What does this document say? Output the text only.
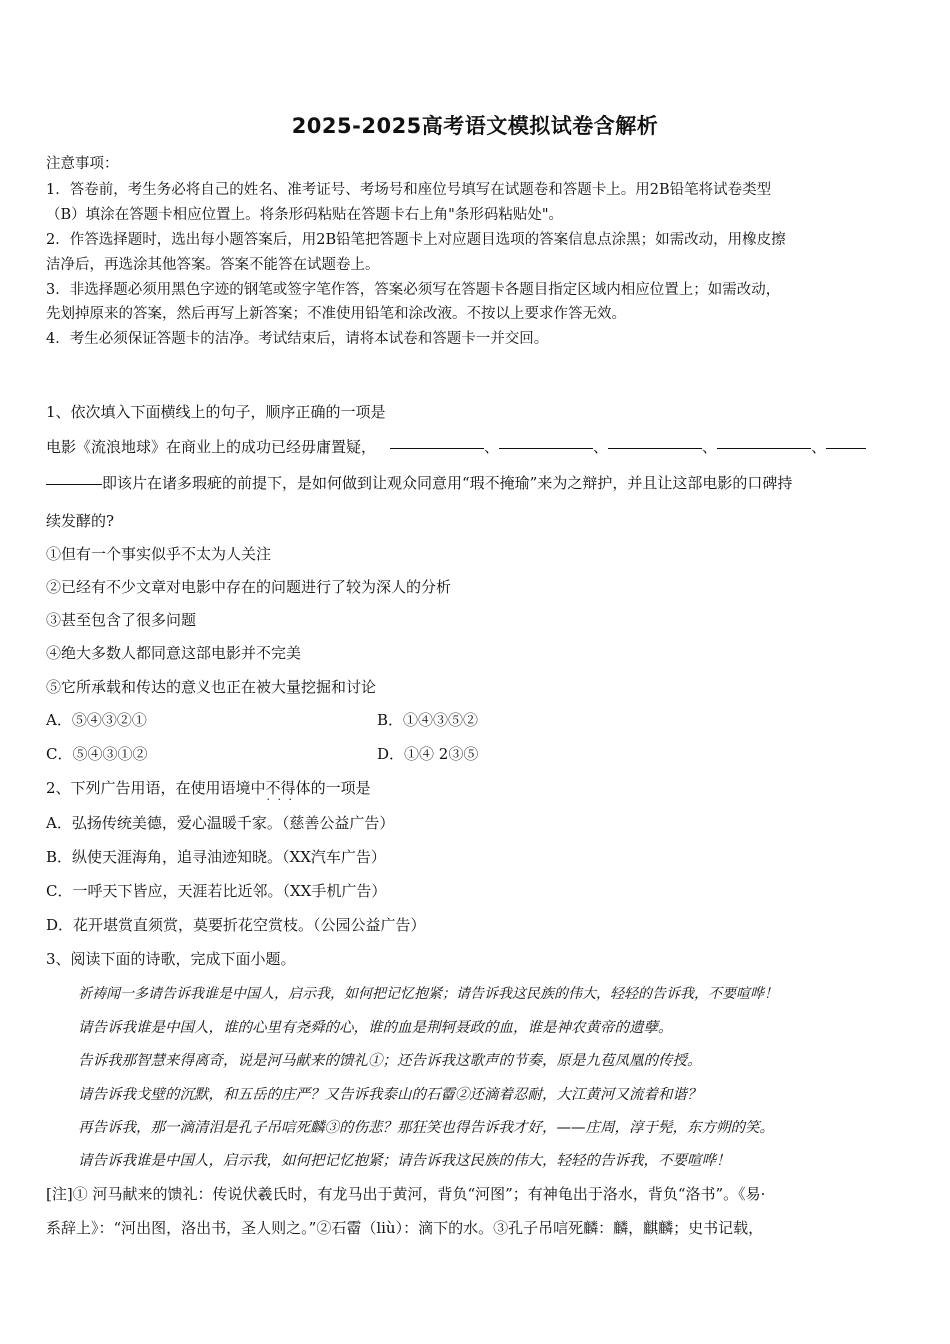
2025-2025高考语文模拟试卷含解析
注意事项：
1．答卷前，考生务必将自己的姓名、准考证号、考场号和座位号填写在试题卷和答题卡上。用2B铅笔将试卷类型
（B）填涂在答题卡相应位置上。将条形码粘贴在答题卡右上角"条形码粘贴处"。
2．作答选择题时，选出每小题答案后，用2B铅笔把答题卡上对应题目选项的答案信息点涂黑；如需改动，用橡皮擦
洁净后，再选涂其他答案。答案不能答在试题卷上。
3．非选择题必须用黑色字迹的钢笔或签字笔作答，答案必须写在答题卡各题目指定区域内相应位置上；如需改动，
先划掉原来的答案，然后再写上新答案；不准使用铅笔和涂改液。不按以上要求作答无效。
4．考生必须保证答题卡的洁净。考试结束后，请将本试卷和答题卡一并交回。
1、依次填入下面横线上的句子，顺序正确的一项是
电影《流浪地球》在商业上的成功已经毋庸置疑，	、	、	、	、
即该片在诸多瑕疵的前提下，是如何做到让观众同意用“瑕不掩瑜”来为之辩护，并且让这部电影的口碑持
续发酵的?
①但有一个事实似乎不太为人关注
②已经有不少文章对电影中存在的问题进行了较为深人的分析
③甚至包含了很多问题
④绝大多数人都同意这部电影并不完美
⑤它所承载和传达的意义也正在被大量挖掘和讨论
A．⑤④③②①	B．①④③⑤②
C．⑤④③①②	D．①④ 2③⑤
2、下列广告用语，在使用语境中不得体 · · ·的一项是
A．弘扬传统美德，爱心温暖千家。（慈善公益广告）
B．纵使天涯海角，追寻油迹知晓。（XX汽车广告）
C．一呼天下皆应，天涯若比近邻。（XX手机广告）
D．花开堪赏直须赏，莫要折花空赏枝。（公园公益广告）
3、阅读下面的诗歌，完成下面小题。
祈祷闻一多请告诉我谁是中国人，启示我，如何把记忆抱紧；请告诉我这民族的伟大，轻轻的告诉我，不要喧哗！
请告诉我谁是中国人，谁的心里有尧舜的心，谁的血是荆轲聂政的血，谁是神农黄帝的遗孽。
告诉我那智慧来得离奇，说是河马献来的馈礼①；还告诉我这歌声的节奏，原是九苞凤凰的传授。
请告诉我戈壁的沉默，和五岳的庄严？又告诉我泰山的石霤②还滴着忍耐，大江黄河又流着和谐？
再告诉我，那一滴清泪是孔子吊唁死麟③的伤悲？那狂笑也得告诉我才好，——庄周，淳于髡，东方朔的笑。
请告诉我谁是中国人，启示我，如何把记忆抱紧；请告诉我这民族的伟大，轻轻的告诉我，不要喧哗！
[注]① 河马献来的馈礼：传说伏羲氏时，有龙马出于黄河，背负“河图”；有神龟出于洛水，背负“洛书”。《易·
系辞上》：“河出图，洛出书，圣人则之。”②石霤（liù）：滴下的水。③孔子吊唁死麟：麟，麒麟；史书记载，
